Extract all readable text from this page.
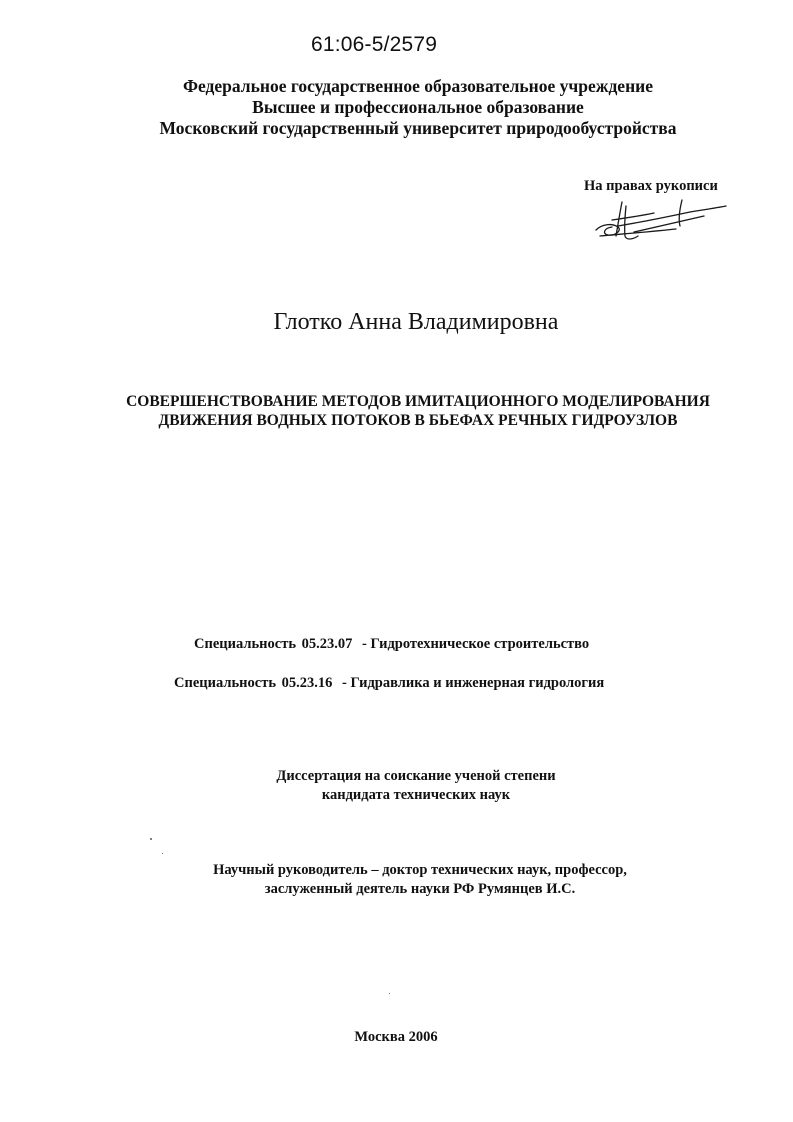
61:06-5/2579
Федеральное государственное образовательное учреждение
Высшее и профессиональное образование
Московский государственный университет природообустройства
На правах рукописи
Глотко Анна Владимировна
СОВЕРШЕНСТВОВАНИЕ МЕТОДОВ ИМИТАЦИОННОГО МОДЕЛИРОВАНИЯ
ДВИЖЕНИЯ ВОДНЫХ ПОТОКОВ В БЬЕФАХ РЕЧНЫХ ГИДРОУЗЛОВ
Специальность 05.23.07 - Гидротехническое строительство
Специальность 05.23.16 - Гидравлика и инженерная гидрология
Диссертация на соискание ученой степени
кандидата технических наук
Научный руководитель – доктор технических наук, профессор,
заслуженный деятель науки РФ Румянцев И.С.
Москва 2006
